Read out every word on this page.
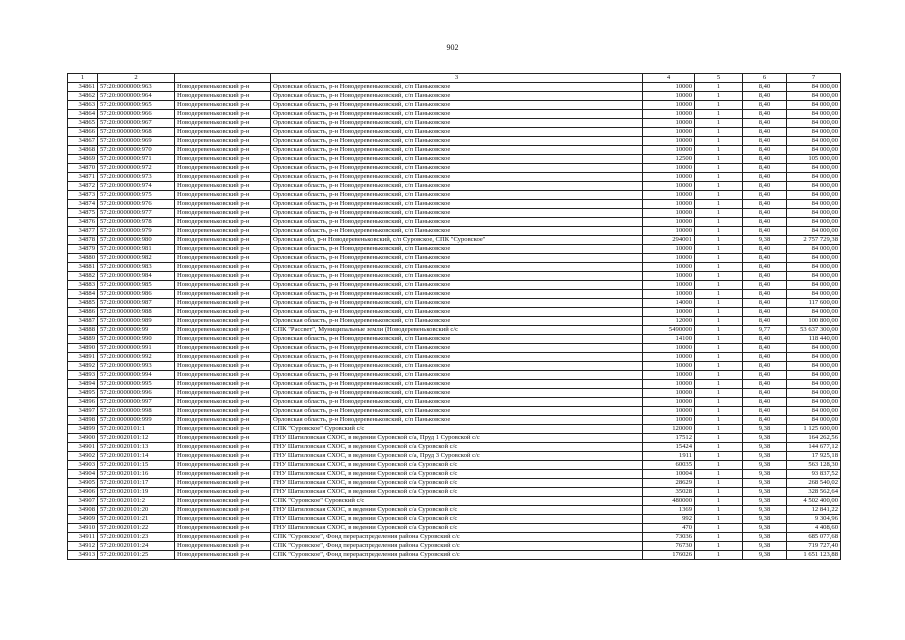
902
1	2		3	4	5	6	7
34861	57:20:0000000:963	Новодеревеньковский р-н	Орловская область, р-н Новодеревеньковский, с/п Паньковское	10000	1	8,40	84 000,00
34862	57:20:0000000:964	Новодеревеньковский р-н	Орловская область, р-н Новодеревеньковский, с/п Паньковское	10000	1	8,40	84 000,00
34863	57:20:0000000:965	Новодеревеньковский р-н	Орловская область, р-н Новодеревеньковский, с/п Паньковское	10000	1	8,40	84 000,00
34864	57:20:0000000:966	Новодеревеньковский р-н	Орловская область, р-н Новодеревеньковский, с/п Паньковское	10000	1	8,40	84 000,00
34865	57:20:0000000:967	Новодеревеньковский р-н	Орловская область, р-н Новодеревеньковский, с/п Паньковское	10000	1	8,40	84 000,00
34866	57:20:0000000:968	Новодеревеньковский р-н	Орловская область, р-н Новодеревеньковский, с/п Паньковское	10000	1	8,40	84 000,00
34867	57:20:0000000:969	Новодеревеньковский р-н	Орловская область, р-н Новодеревеньковский, с/п Паньковское	10000	1	8,40	84 000,00
34868	57:20:0000000:970	Новодеревеньковский р-н	Орловская область, р-н Новодеревеньковский, с/п Паньковское	10000	1	8,40	84 000,00
34869	57:20:0000000:971	Новодеревеньковский р-н	Орловская область, р-н Новодеревеньковский, с/п Паньковское	12500	1	8,40	105 000,00
34870	57:20:0000000:972	Новодеревеньковский р-н	Орловская область, р-н Новодеревеньковский, с/п Паньковское	10000	1	8,40	84 000,00
34871	57:20:0000000:973	Новодеревеньковский р-н	Орловская область, р-н Новодеревеньковский, с/п Паньковское	10000	1	8,40	84 000,00
34872	57:20:0000000:974	Новодеревеньковский р-н	Орловская область, р-н Новодеревеньковский, с/п Паньковское	10000	1	8,40	84 000,00
34873	57:20:0000000:975	Новодеревеньковский р-н	Орловская область, р-н Новодеревеньковский, с/п Паньковское	10000	1	8,40	84 000,00
34874	57:20:0000000:976	Новодеревеньковский р-н	Орловская область, р-н Новодеревеньковский, с/п Паньковское	10000	1	8,40	84 000,00
34875	57:20:0000000:977	Новодеревеньковский р-н	Орловская область, р-н Новодеревеньковский, с/п Паньковское	10000	1	8,40	84 000,00
34876	57:20:0000000:978	Новодеревеньковский р-н	Орловская область, р-н Новодеревеньковский, с/п Паньковское	10000	1	8,40	84 000,00
34877	57:20:0000000:979	Новодеревеньковский р-н	Орловская область, р-н Новодеревеньковский, с/п Паньковское	10000	1	8,40	84 000,00
34878	57:20:0000000:980	Новодеревеньковский р-н	Орловская обл, р-н Новодеревеньковский, с/п Суровское, СПК "Суровское"	294001	1	9,38	2 757 729,38
34879	57:20:0000000:981	Новодеревеньковский р-н	Орловская область, р-н Новодеревеньковский, с/п Паньковское	10000	1	8,40	84 000,00
34880	57:20:0000000:982	Новодеревеньковский р-н	Орловская область, р-н Новодеревеньковский, с/п Паньковское	10000	1	8,40	84 000,00
34881	57:20:0000000:983	Новодеревеньковский р-н	Орловская область, р-н Новодеревеньковский, с/п Паньковское	10000	1	8,40	84 000,00
34882	57:20:0000000:984	Новодеревеньковский р-н	Орловская область, р-н Новодеревеньковский, с/п Паньковское	10000	1	8,40	84 000,00
34883	57:20:0000000:985	Новодеревеньковский р-н	Орловская область, р-н Новодеревеньковский, с/п Паньковское	10000	1	8,40	84 000,00
34884	57:20:0000000:986	Новодеревеньковский р-н	Орловская область, р-н Новодеревеньковский, с/п Паньковское	10000	1	8,40	84 000,00
34885	57:20:0000000:987	Новодеревеньковский р-н	Орловская область, р-н Новодеревеньковский, с/п Паньковское	14000	1	8,40	117 600,00
34886	57:20:0000000:988	Новодеревеньковский р-н	Орловская область, р-н Новодеревеньковский, с/п Паньковское	10000	1	8,40	84 000,00
34887	57:20:0000000:989	Новодеревеньковский р-н	Орловская область, р-н Новодеревеньковский, с/п Паньковское	12000	1	8,40	100 800,00
34888	57:20:0000000:99	Новодеревеньковский р-н	СПК "Рассвет", Муниципальные земли (Новодеревеньковский с/с	5490000	1	9,77	53 637 300,00
34889	57:20:0000000:990	Новодеревеньковский р-н	Орловская область, р-н Новодеревеньковский, с/п Паньковское	14100	1	8,40	118 440,00
34890	57:20:0000000:991	Новодеревеньковский р-н	Орловская область, р-н Новодеревеньковский, с/п Паньковское	10000	1	8,40	84 000,00
34891	57:20:0000000:992	Новодеревеньковский р-н	Орловская область, р-н Новодеревеньковский, с/п Паньковское	10000	1	8,40	84 000,00
34892	57:20:0000000:993	Новодеревеньковский р-н	Орловская область, р-н Новодеревеньковский, с/п Паньковское	10000	1	8,40	84 000,00
34893	57:20:0000000:994	Новодеревеньковский р-н	Орловская область, р-н Новодеревеньковский, с/п Паньковское	10000	1	8,40	84 000,00
34894	57:20:0000000:995	Новодеревеньковский р-н	Орловская область, р-н Новодеревеньковский, с/п Паньковское	10000	1	8,40	84 000,00
34895	57:20:0000000:996	Новодеревеньковский р-н	Орловская область, р-н Новодеревеньковский, с/п Паньковское	10000	1	8,40	84 000,00
34896	57:20:0000000:997	Новодеревеньковский р-н	Орловская область, р-н Новодеревеньковский, с/п Паньковское	10000	1	8,40	84 000,00
34897	57:20:0000000:998	Новодеревеньковский р-н	Орловская область, р-н Новодеревеньковский, с/п Паньковское	10000	1	8,40	84 000,00
34898	57:20:0000000:999	Новодеревеньковский р-н	Орловская область, р-н Новодеревеньковский, с/п Паньковское	10000	1	8,40	84 000,00
34899	57:20:0020101:1	Новодеревеньковский р-н	СПК "Суровское" Суровский с/с	120000	1	9,38	1 125 600,00
34900	57:20:0020101:12	Новодеревеньковский р-н	ГНУ Шатиловская СХОС, в ведении Суровской с/а, Пруд 1 Суровской с/с	17512	1	9,38	164 262,56
34901	57:20:0020101:13	Новодеревеньковский р-н	ГНУ Шатиловская СХОС, в ведении Суровской с/а Суровской с/с	15424	1	9,38	144 677,12
34902	57:20:0020101:14	Новодеревеньковский р-н	ГНУ Шатиловская СХОС, в ведении Суровской с/а, Пруд 3 Суровской с/с	1911	1	9,38	17 925,18
34903	57:20:0020101:15	Новодеревеньковский р-н	ГНУ Шатиловская СХОС, в ведении Суровской с/а Суровской с/с	60035	1	9,38	563 128,30
34904	57:20:0020101:16	Новодеревеньковский р-н	ГНУ Шатиловская СХОС, в ведении Суровской с/а Суровской с/с	10004	1	9,38	93 837,52
34905	57:20:0020101:17	Новодеревеньковский р-н	ГНУ Шатиловская СХОС, в ведении Суровской с/а Суровской с/с	28629	1	9,38	268 540,02
34906	57:20:0020101:19	Новодеревеньковский р-н	ГНУ Шатиловская СХОС, в ведении Суровской с/а Суровской с/с	35028	1	9,38	328 562,64
34907	57:20:0020101:2	Новодеревеньковский р-н	СПК "Суровское" Суровский с/с	480000	1	9,38	4 502 400,00
34908	57:20:0020101:20	Новодеревеньковский р-н	ГНУ Шатиловская СХОС, в ведении Суровской с/а Суровской с/с	1369	1	9,38	12 841,22
34909	57:20:0020101:21	Новодеревеньковский р-н	ГНУ Шатиловская СХОС, в ведении Суровской с/а Суровской с/с	992	1	9,38	9 304,96
34910	57:20:0020101:22	Новодеревеньковский р-н	ГНУ Шатиловская СХОС, в ведении Суровской с/а Суровской с/с	470	1	9,38	4 408,60
34911	57:20:0020101:23	Новодеревеньковский р-н	СПК "Суровское", Фонд перераспределения района Суровский с/с	73036	1	9,38	685 077,68
34912	57:20:0020101:24	Новодеревеньковский р-н	СПК "Суровское", Фонд перераспределения района Суровский с/с	76730	1	9,38	719 727,40
34913	57:20:0020101:25	Новодеревеньковский р-н	СПК "Суровское", Фонд перераспределения района Суровский с/с	176026	1	9,38	1 651 123,88
